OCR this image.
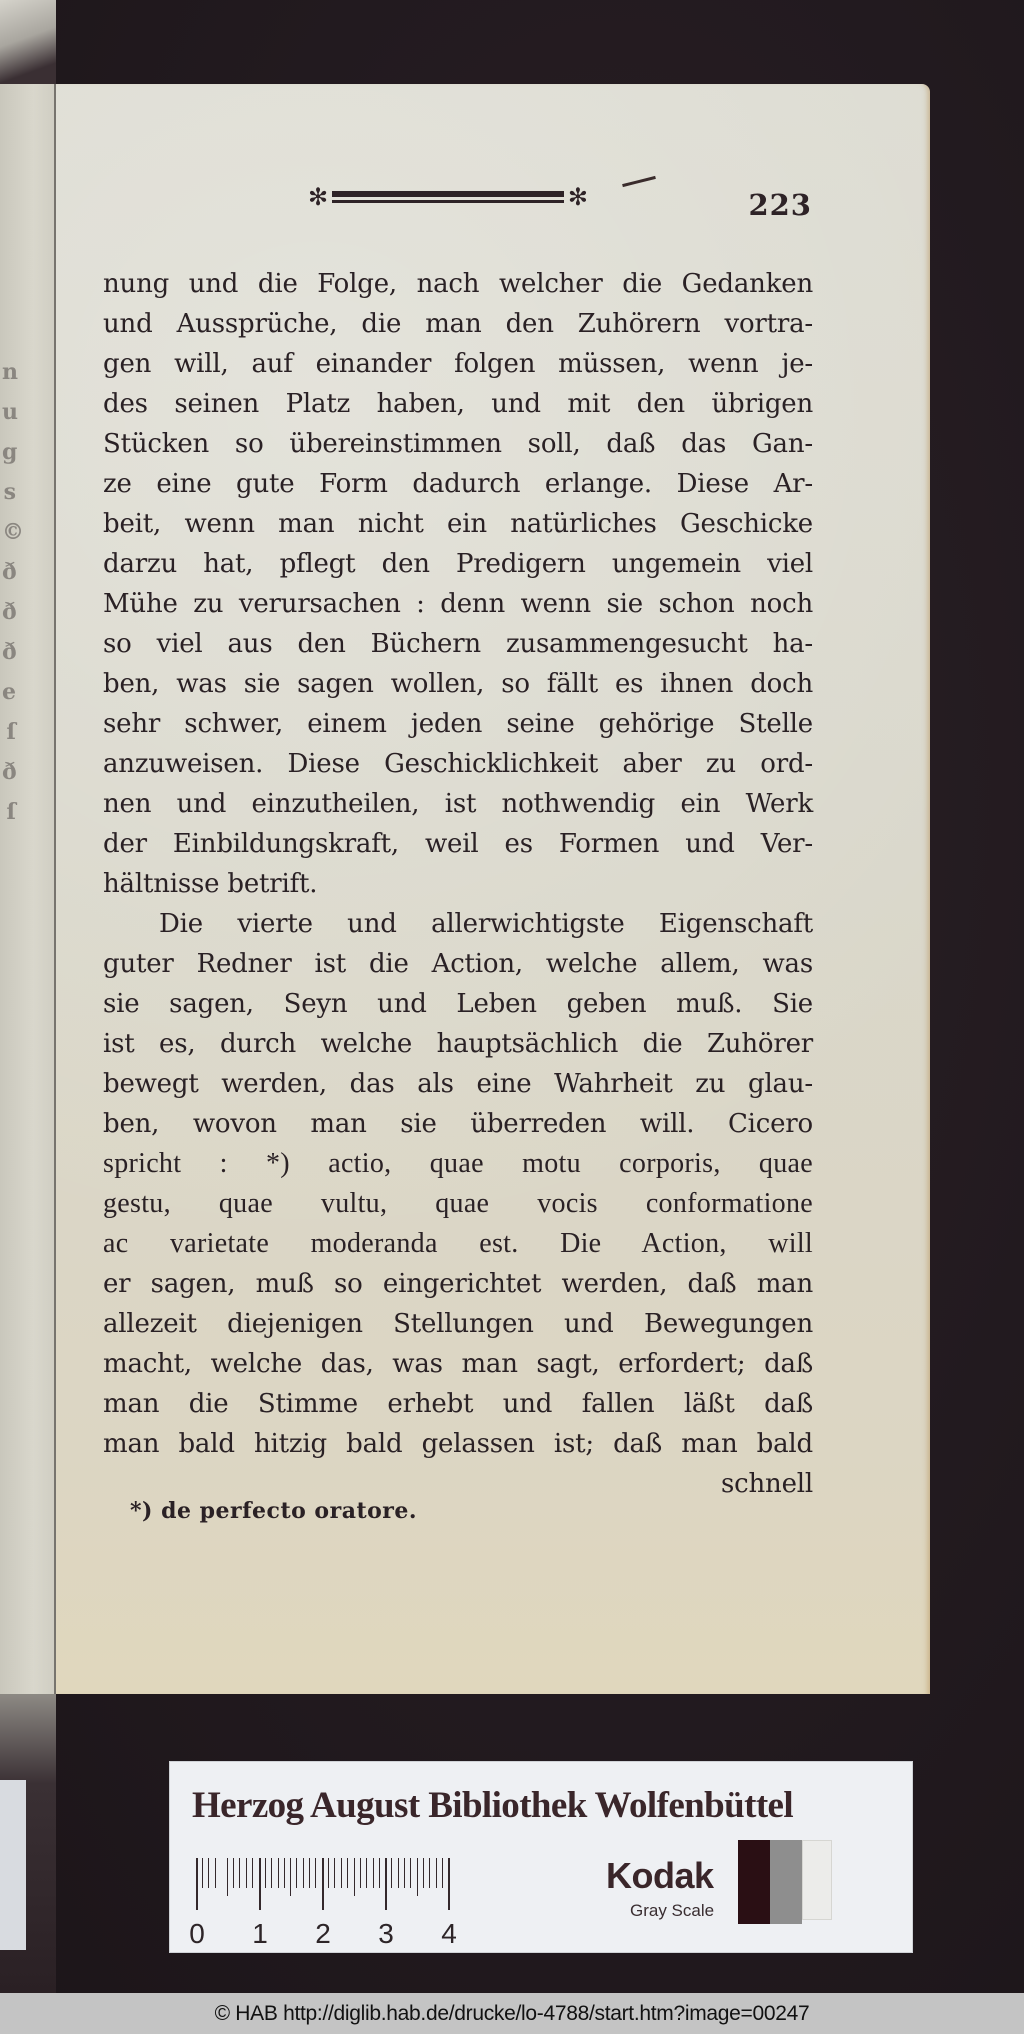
n
u
g
s
©
ð
ð
ð
e
ſ
ð
ſ
✻	✻	223
nung und die Folge, nach welcher die Gedanken
und Aussprüche, die man den Zuhörern vortra-
gen will, auf einander folgen müssen, wenn je-
des seinen Platz haben, und mit den übrigen
Stücken so übereinstimmen soll, daß das Gan-
ze eine gute Form dadurch erlange. Diese Ar-
beit, wenn man nicht ein natürliches Geschicke
darzu hat, pflegt den Predigern ungemein viel
Mühe zu verursachen : denn wenn sie schon noch
so viel aus den Büchern zusammengesucht ha-
ben, was sie sagen wollen, so fällt es ihnen doch
sehr schwer, einem jeden seine gehörige Stelle
anzuweisen. Diese Geschicklichkeit aber zu ord-
nen und einzutheilen, ist nothwendig ein Werk
der Einbildungskraft, weil es Formen und Ver-
hältnisse betrift.
Die vierte und allerwichtigste Eigenschaft
guter Redner ist die Action, welche allem, was
sie sagen, Seyn und Leben geben muß. Sie
ist es, durch welche hauptsächlich die Zuhörer
bewegt werden, das als eine Wahrheit zu glau-
ben, wovon man sie überreden will. Cicero
spricht : *) actio, quae motu corporis, quae
gestu, quae vultu, quae vocis conformatione
ac varietate moderanda est. Die Action, will
er sagen, muß so eingerichtet werden, daß man
allezeit diejenigen Stellungen und Bewegungen
macht, welche das, was man sagt, erfordert; daß
man die Stimme erhebt und fallen läßt daß
man bald hitzig bald gelassen ist; daß man bald
schnell
*) de perfecto oratore.
Herzog August Bibliothek Wolfenbüttel
0 1 2 3 4
Kodak
Gray Scale
© HAB http://diglib.hab.de/drucke/lo-4788/start.htm?image=00247
